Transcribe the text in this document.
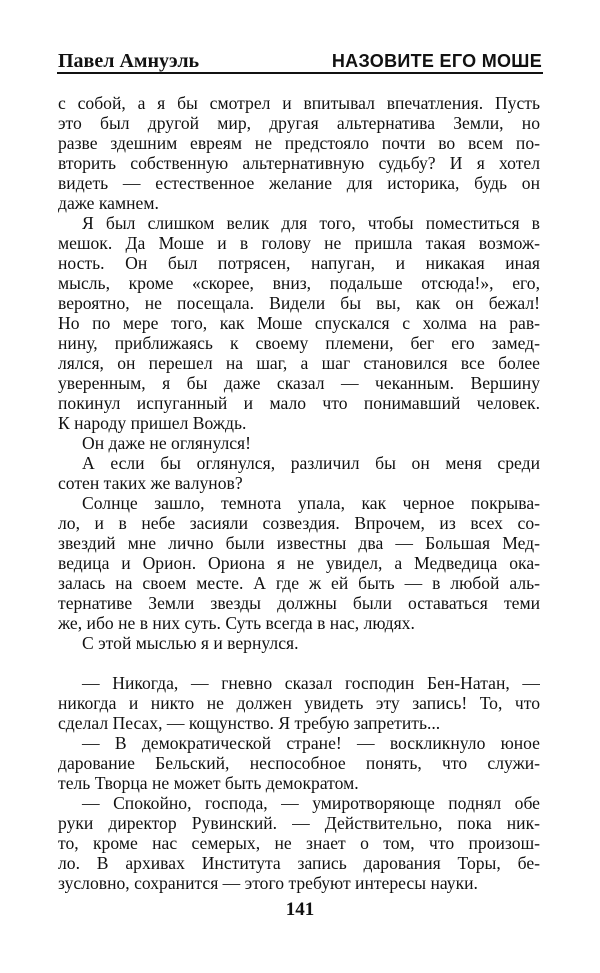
Павел Амнуэль	НАЗОВИТЕ ЕГО МОШЕ
с собой, а я бы смотрел и впитывал впечатления. Пусть
это был другой мир, другая альтернатива Земли, но
разве здешним евреям не предстояло почти во всем по-
вторить собственную альтернативную судьбу? И я хотел
видеть — естественное желание для историка, будь он
даже камнем.
Я был слишком велик для того, чтобы поместиться в
мешок. Да Моше и в голову не пришла такая возмож-
ность. Он был потрясен, напуган, и никакая иная
мысль, кроме «скорее, вниз, подальше отсюда!», его,
вероятно, не посещала. Видели бы вы, как он бежал!
Но по мере того, как Моше спускался с холма на рав-
нину, приближаясь к своему племени, бег его замед-
лялся, он перешел на шаг, а шаг становился все более
уверенным, я бы даже сказал — чеканным. Вершину
покинул испуганный и мало что понимавший человек.
К народу пришел Вождь.
Он даже не оглянулся!
А если бы оглянулся, различил бы он меня среди
сотен таких же валунов?
Солнце зашло, темнота упала, как черное покрыва-
ло, и в небе засияли созвездия. Впрочем, из всех со-
звездий мне лично были известны два — Большая Мед-
ведица и Орион. Ориона я не увидел, а Медведица ока-
залась на своем месте. А где ж ей быть — в любой аль-
тернативе Земли звезды должны были оставаться теми
же, ибо не в них суть. Суть всегда в нас, людях.
С этой мыслью я и вернулся.
— Никогда, — гневно сказал господин Бен-Натан, —
никогда и никто не должен увидеть эту запись! То, что
сделал Песах, — кощунство. Я требую запретить...
— В демократической стране! — воскликнуло юное
дарование Бельский, неспособное понять, что служи-
тель Творца не может быть демократом.
— Спокойно, господа, — умиротворяюще поднял обе
руки директор Рувинский. — Действительно, пока ник-
то, кроме нас семерых, не знает о том, что произош-
ло. В архивах Института запись дарования Торы, бе-
зусловно, сохранится — этого требуют интересы науки.
141
